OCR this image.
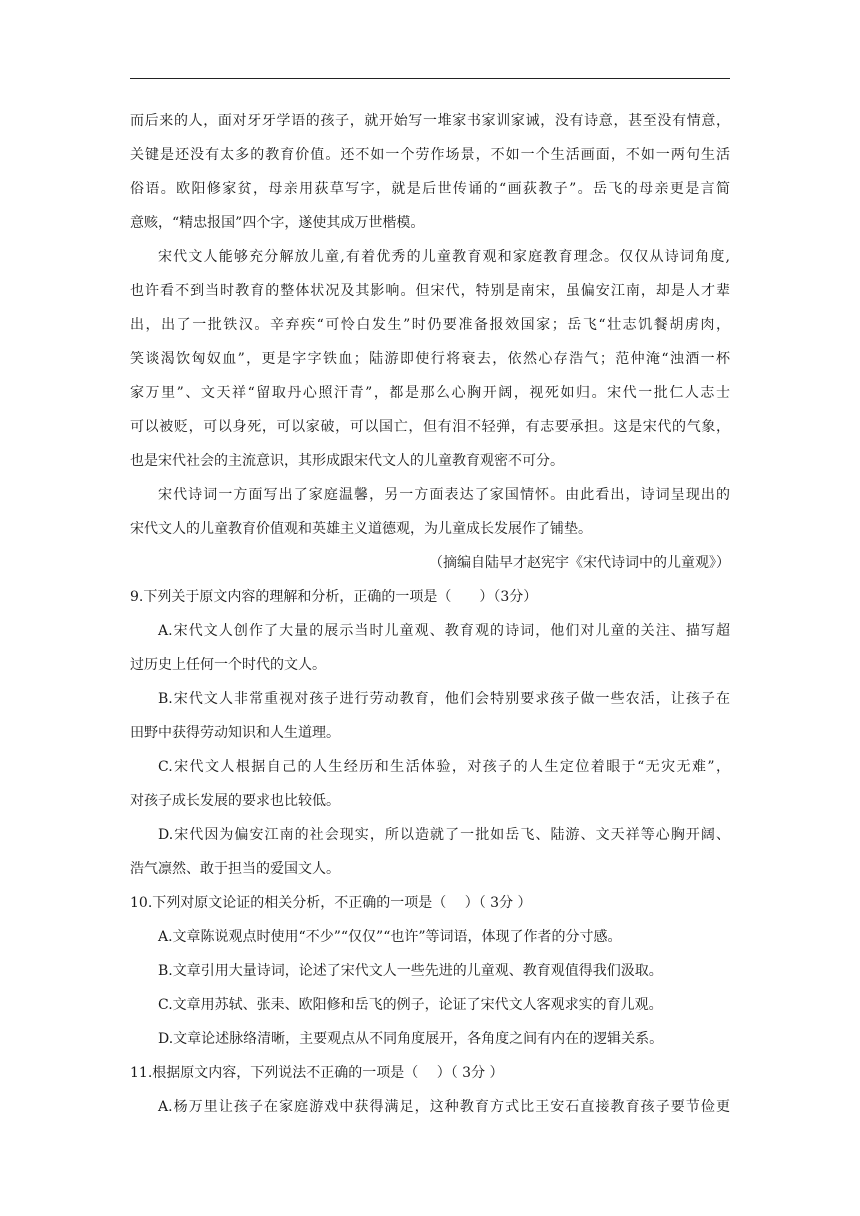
而后来的人，面对牙牙学语的孩子，就开始写一堆家书家训家诫，没有诗意，甚至没有情意，
关键是还没有太多的教育价值。还不如一个劳作场景，不如一个生活画面，不如一两句生活
俗语。欧阳修家贫，母亲用荻草写字，就是后世传诵的“画荻教子”。岳飞的母亲更是言简
意赅，“精忠报国”四个字，遂使其成万世楷模。
宋代文人能够充分解放儿童,有着优秀的儿童教育观和家庭教育理念。仅仅从诗词角度,
也许看不到当时教育的整体状况及其影响。但宋代，特别是南宋，虽偏安江南，却是人才辈
出，出了一批铁汉。辛弃疾“可怜白发生”时仍要准备报效国家；岳飞“壮志饥餐胡虏肉，
笑谈渴饮匈奴血”，更是字字铁血；陆游即使行将衰去，依然心存浩气；范仲淹“浊酒一杯
家万里”、文天祥“留取丹心照汗青”，都是那么心胸开阔，视死如归。宋代一批仁人志士
可以被贬，可以身死，可以家破，可以国亡，但有泪不轻弹，有志要承担。这是宋代的气象，
也是宋代社会的主流意识，其形成跟宋代文人的儿童教育观密不可分。
宋代诗词一方面写出了家庭温馨，另一方面表达了家国情怀。由此看出，诗词呈现出的
宋代文人的儿童教育价值观和英雄主义道德观，为儿童成长发展作了铺垫。
（摘编自陆早才赵宪宇《宋代诗词中的儿童观》）
9.下列关于原文内容的理解和分析，正确的一项是（　　）（3分）
A.宋代文人创作了大量的展示当时儿童观、教育观的诗词，他们对儿童的关注、描写超
过历史上任何一个时代的文人。
B.宋代文人非常重视对孩子进行劳动教育，他们会特别要求孩子做一些农活，让孩子在
田野中获得劳动知识和人生道理。
C.宋代文人根据自己的人生经历和生活体验，对孩子的人生定位着眼于“无灾无难”，
对孩子成长发展的要求也比较低。
D.宋代因为偏安江南的社会现实，所以造就了一批如岳飞、陆游、文天祥等心胸开阔、
浩气凛然、敢于担当的爱国文人。
10.下列对原文论证的相关分析，不正确的一项是（　 ）（ 3分 ）
A.文章陈说观点时使用“不少”“仅仅”“也许”等词语，体现了作者的分寸感。
B.文章引用大量诗词，论述了宋代文人一些先进的儿童观、教育观值得我们汲取。
C.文章用苏轼、张耒、欧阳修和岳飞的例子，论证了宋代文人客观求实的育儿观。
D.文章论述脉络清晰，主要观点从不同角度展开，各角度之间有内在的逻辑关系。
11.根据原文内容，下列说法不正确的一项是（　 ）（ 3分 ）
A.杨万里让孩子在家庭游戏中获得满足，这种教育方式比王安石直接教育孩子要节俭更
